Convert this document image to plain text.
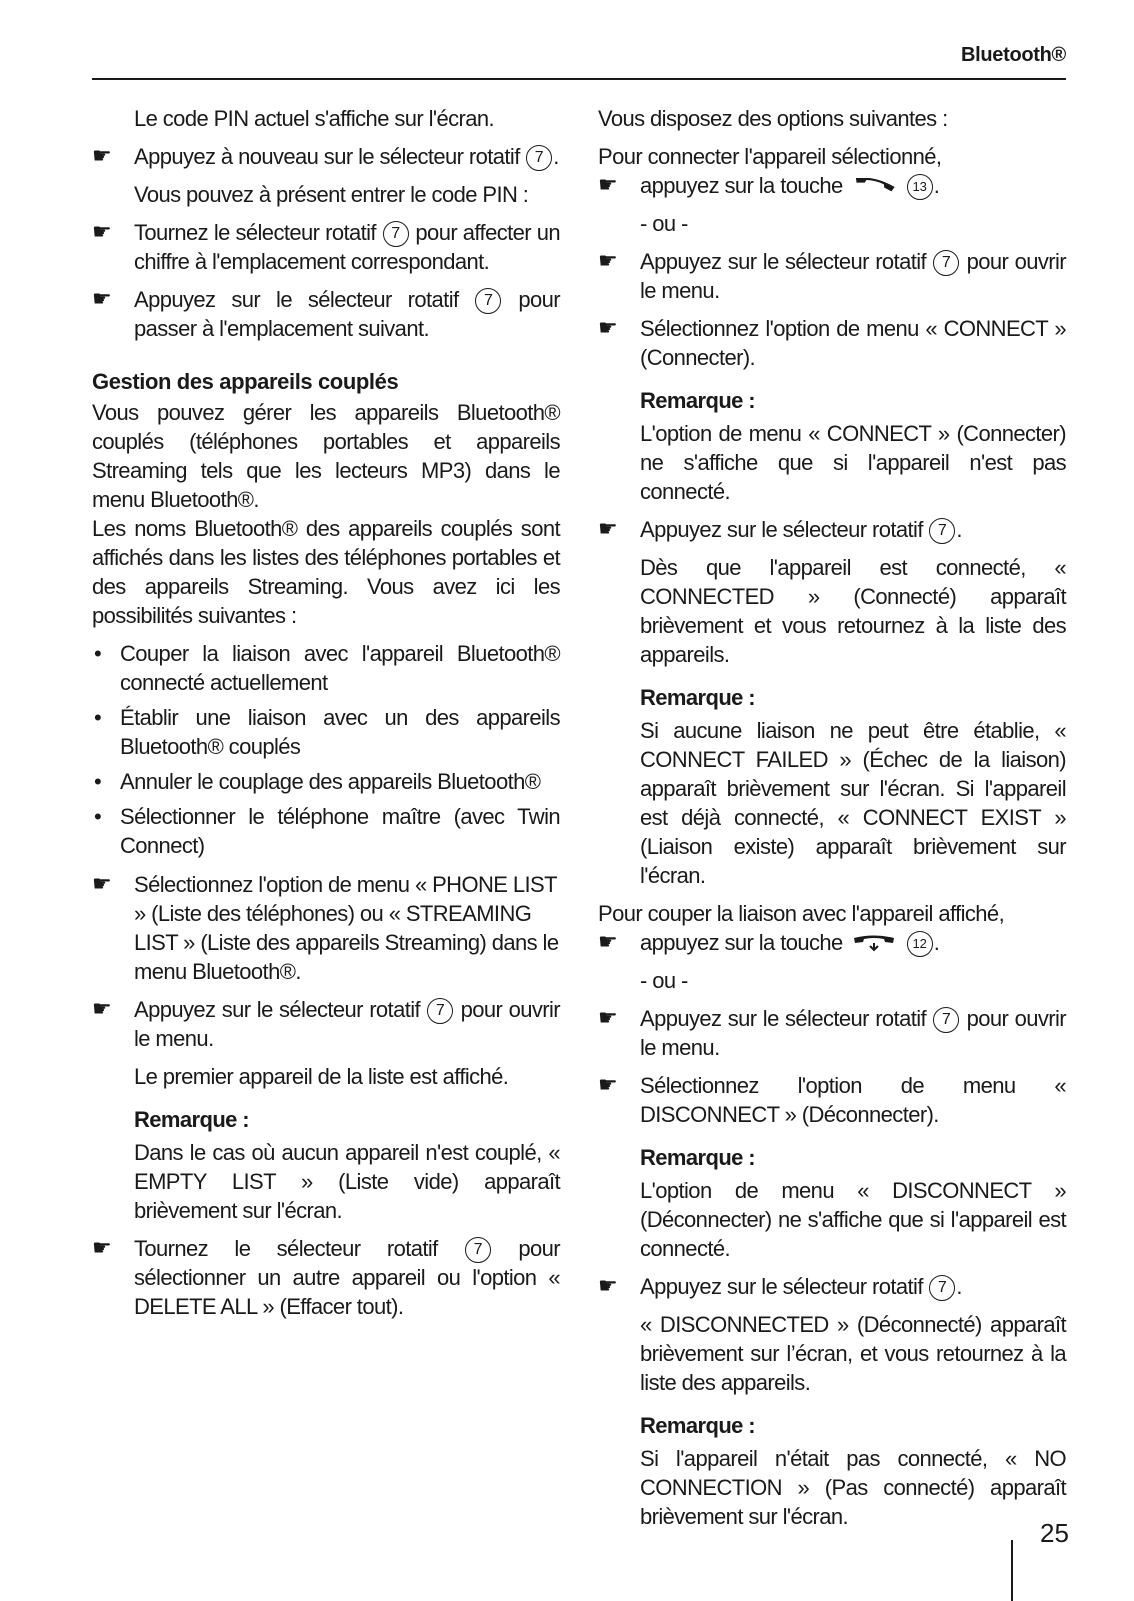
Bluetooth®

Le code PIN actuel s'affiche sur l'écran.

☛ Appuyez à nouveau sur le sélecteur rotatif 7 .

Vous pouvez à présent entrer le code PIN :

☛ Tournez le sélecteur rotatif 7 pour affecter un chiffre à l'emplacement correspondant.
☛ Appuyez sur le sélecteur rotatif 7 pour passer à l'emplacement suivant.
Gestion des appareils couplés

Vous pouvez gérer les appareils Bluetooth® couplés (téléphones portables et appareils Streaming tels que les lecteurs MP3) dans le menu Bluetooth®.

Les noms Bluetooth® des appareils couplés sont affichés dans les listes des téléphones portables et des appareils Streaming. Vous avez ici les possibilités suivantes :

• Couper la liaison avec l'appareil Bluetooth® connecté actuellement
• Établir une liaison avec un des appareils Bluetooth® couplés
• Annuler le couplage des appareils Bluetooth®
• Sélectionner le téléphone maître (avec Twin Connect)
☛ Sélectionnez l'option de menu « PHONE LIST » (Liste des téléphones) ou « STREAMING LIST » (Liste des appareils Streaming) dans le menu Bluetooth®.
☛ Appuyez sur le sélecteur rotatif 7 pour ouvrir le menu.

Le premier appareil de la liste est affiché.

Remarque :

Dans le cas où aucun appareil n'est couplé, « EMPTY LIST » (Liste vide) apparaît brièvement sur l'écran.

☛ Tournez le sélecteur rotatif 7 pour sélectionner un autre appareil ou l'option « DELETE ALL » (Effacer tout).

Vous disposez des options suivantes :

Pour connecter l'appareil sélectionné,

☛ appuyez sur la touche	13 .

- ou -

☛ Appuyez sur le sélecteur rotatif 7 pour ouvrir le menu.
☛ Sélectionnez l'option de menu « CONNECT » (Connecter).
Remarque :

L'option de menu « CONNECT » (Connecter) ne s'affiche que si l'appareil n'est pas connecté.

☛ Appuyez sur le sélecteur rotatif 7 .

Dès que l'appareil est connecté, « CONNECTED » (Connecté) apparaît brièvement et vous retournez à la liste des appareils.

Remarque :

Si aucune liaison ne peut être établie, « CONNECT FAILED » (Échec de la liaison) apparaît brièvement sur l'écran. Si l'appareil est déjà connecté, « CONNECT EXIST » (Liaison existe) apparaît brièvement sur l'écran.

Pour couper la liaison avec l'appareil affiché,

☛ appuyez sur la touche	12 .

- ou -

☛ Appuyez sur le sélecteur rotatif 7 pour ouvrir le menu.
☛ Sélectionnez l'option de menu « DISCONNECT » (Déconnecter).
Remarque :

L'option de menu « DISCONNECT » (Déconnecter) ne s'affiche que si l'appareil est connecté.

☛ Appuyez sur le sélecteur rotatif 7 .

« DISCONNECTED » (Déconnecté) apparaît brièvement sur l’écran, et vous retournez à la liste des appareils.

Remarque :

Si l'appareil n'était pas connecté, « NO CONNECTION » (Pas connecté) apparaît brièvement sur l'écran.

25
